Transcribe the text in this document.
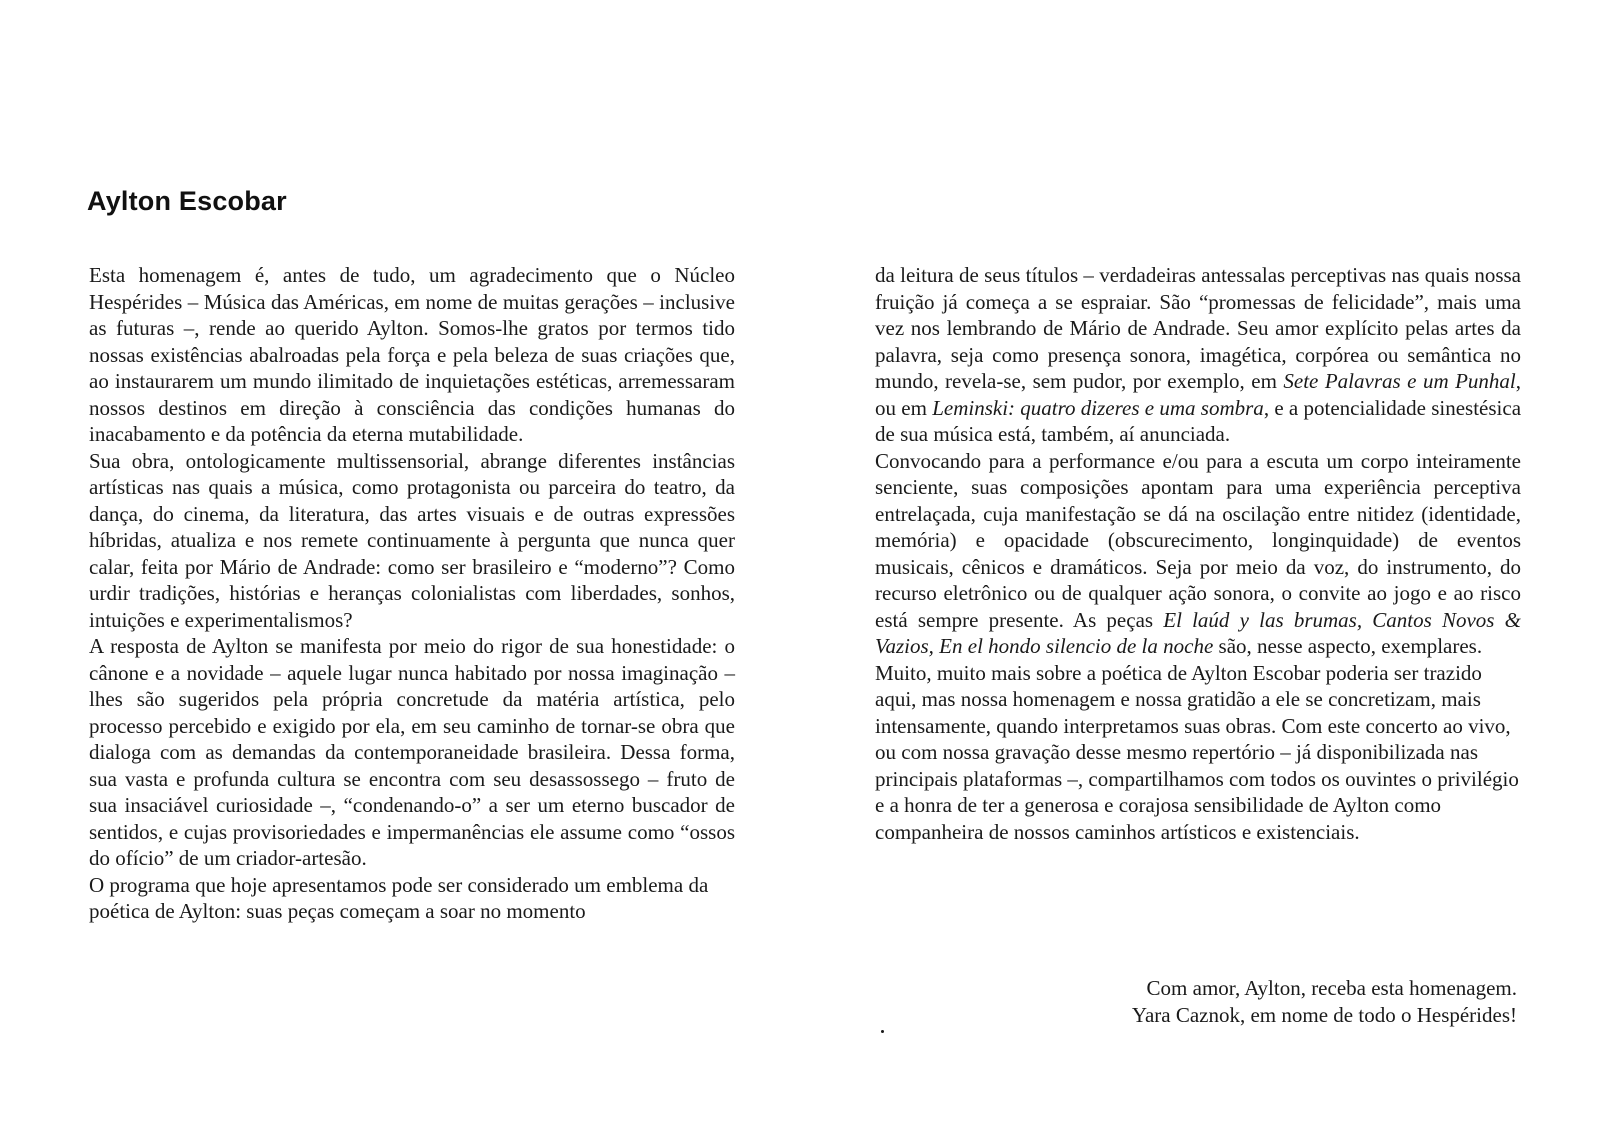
Aylton Escobar

Esta homenagem é, antes de tudo, um agradecimento que o Núcleo Hespérides – Música das Américas, em nome de muitas gerações – inclusive as futuras –, rende ao querido Aylton. Somos-lhe gratos por termos tido nossas existências abalroadas pela força e pela beleza de suas criações que, ao instaurarem um mundo ilimitado de inquietações estéticas, arremessaram nossos destinos em direção à consciência das condições humanas do inacabamento e da potência da eterna mutabilidade.

Sua obra, ontologicamente multissensorial, abrange diferentes instâncias artísticas nas quais a música, como protagonista ou parceira do teatro, da dança, do cinema, da literatura, das artes visuais e de outras expressões híbridas, atualiza e nos remete continuamente à pergunta que nunca quer calar, feita por Mário de Andrade: como ser brasileiro e “moderno”? Como urdir tradições, histórias e heranças colonialistas com liberdades, sonhos, intuições e experimentalismos?

A resposta de Aylton se manifesta por meio do rigor de sua honestidade: o cânone e a novidade – aquele lugar nunca habitado por nossa imaginação – lhes são sugeridos pela própria concretude da matéria artística, pelo processo percebido e exigido por ela, em seu caminho de tornar-se obra que dialoga com as demandas da contemporaneidade brasileira. Dessa forma, sua vasta e profunda cultura se encontra com seu desassossego – fruto de sua insaciável curiosidade –, “condenando-o” a ser um eterno buscador de sentidos, e cujas provisoriedades e impermanências ele assume como “ossos do ofício” de um criador-artesão.

O programa que hoje apresentamos pode ser considerado um emblema da poética de Aylton: suas peças começam a soar no momento

da leitura de seus títulos – verdadeiras antessalas perceptivas nas quais nossa fruição já começa a se espraiar. São “promessas de felicidade”, mais uma vez nos lembrando de Mário de Andrade. Seu amor explícito pelas artes da palavra, seja como presença sonora, imagética, corpórea ou semântica no mundo, revela-se, sem pudor, por exemplo, em Sete Palavras e um Punhal, ou em Leminski: quatro dizeres e uma sombra, e a potencialidade sinestésica de sua música está, também, aí anunciada.

Convocando para a performance e/ou para a escuta um corpo inteiramente senciente, suas composições apontam para uma experiência perceptiva entrelaçada, cuja manifestação se dá na oscilação entre nitidez (identidade, memória) e opacidade (obscurecimento, longinquidade) de eventos musicais, cênicos e dramáticos. Seja por meio da voz, do instrumento, do recurso eletrônico ou de qualquer ação sonora, o convite ao jogo e ao risco está sempre presente. As peças El laúd y las brumas, Cantos Novos & Vazios, En el hondo silencio de la noche são, nesse aspecto, exemplares.

Muito, muito mais sobre a poética de Aylton Escobar poderia ser trazido aqui, mas nossa homenagem e nossa gratidão a ele se concretizam, mais intensamente, quando interpretamos suas obras. Com este concerto ao vivo, ou com nossa gravação desse mesmo repertório – já disponibilizada nas principais plataformas –, compartilhamos com todos os ouvintes o privilégio e a honra de ter a generosa e corajosa sensibilidade de Aylton como companheira de nossos caminhos artísticos e existenciais.

Com amor, Aylton, receba esta homenagem.
Yara Caznok, em nome de todo o Hespérides!
